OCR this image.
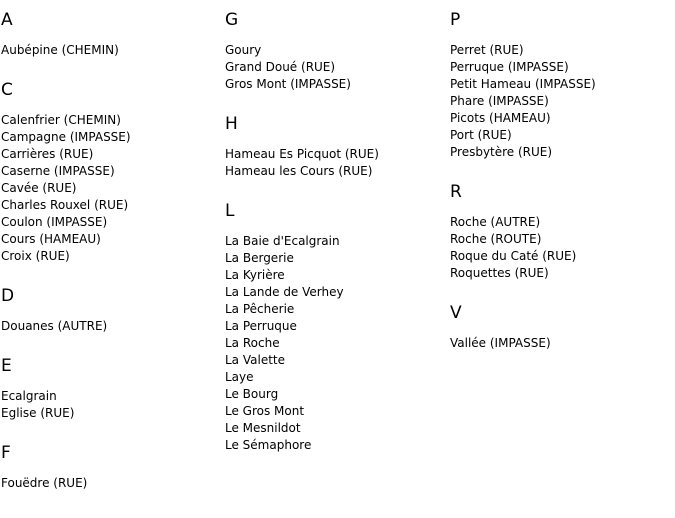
A
Aubépine (CHEMIN)
C
Calenfrier (CHEMIN)
Campagne (IMPASSE)
Carrières (RUE)
Caserne (IMPASSE)
Cavée (RUE)
Charles Rouxel (RUE)
Coulon (IMPASSE)
Cours (HAMEAU)
Croix (RUE)
D
Douanes (AUTRE)
E
Ecalgrain
Eglise (RUE)
F
Fouëdre (RUE)
G
Goury
Grand Doué (RUE)
Gros Mont (IMPASSE)
H
Hameau Es Picquot (RUE)
Hameau les Cours (RUE)
L
La Baie d'Ecalgrain
La Bergerie
La Kyrière
La Lande de Verhey
La Pêcherie
La Perruque
La Roche
La Valette
Laye
Le Bourg
Le Gros Mont
Le Mesnildot
Le Sémaphore
P
Perret (RUE)
Perruque (IMPASSE)
Petit Hameau (IMPASSE)
Phare (IMPASSE)
Picots (HAMEAU)
Port (RUE)
Presbytère (RUE)
R
Roche (AUTRE)
Roche (ROUTE)
Roque du Caté (RUE)
Roquettes (RUE)
V
Vallée (IMPASSE)
